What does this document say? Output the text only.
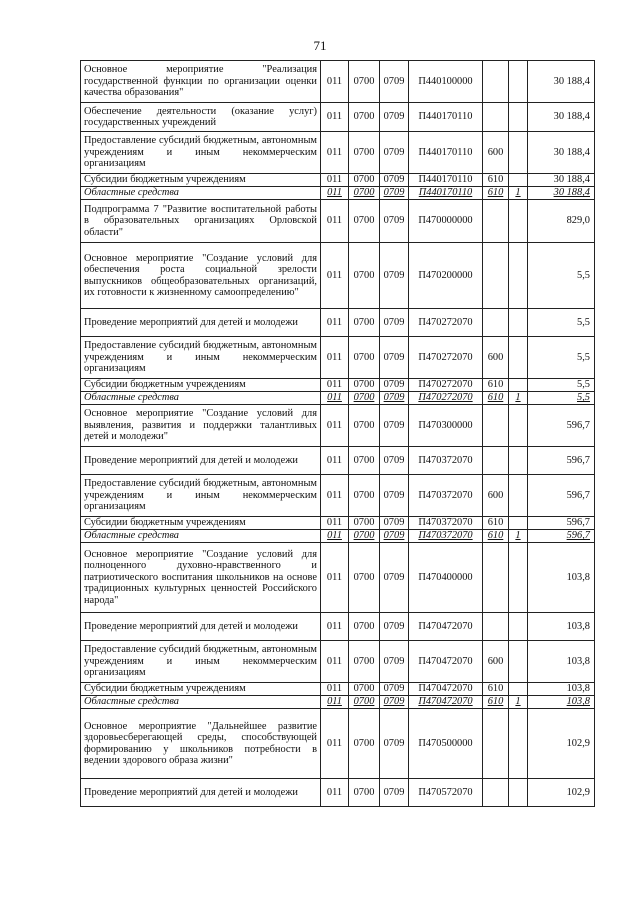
71
Основное мероприятие "Реализация государственной функции по организации оценки качества образования"	011	0700	0709	П440100000			30 188,4
Обеспечение деятельности (оказание услуг) государственных учреждений	011	0700	0709	П440170110			30 188,4
Предоставление субсидий бюджетным, автономным учреждениям и иным некоммерческим организациям	011	0700	0709	П440170110	600		30 188,4
Субсидии бюджетным учреждениям	011	0700	0709	П440170110	610		30 188,4
Областные средства	011	0700	0709	П440170110	610	1	30 188,4
Подпрограмма 7 "Развитие воспитательной работы в образовательных организациях Орловской области"	011	0700	0709	П470000000			829,0
Основное мероприятие "Создание условий для обеспечения роста социальной зрелости выпускников общеобразовательных организаций, их готовности к жизненному самоопределению"	011	0700	0709	П470200000			5,5
Проведение мероприятий для детей и молодежи	011	0700	0709	П470272070			5,5
Предоставление субсидий бюджетным, автономным учреждениям и иным некоммерческим организациям	011	0700	0709	П470272070	600		5,5
Субсидии бюджетным учреждениям	011	0700	0709	П470272070	610		5,5
Областные средства	011	0700	0709	П470272070	610	1	5,5
Основное мероприятие "Создание условий для выявления, развития и поддержки талантливых детей и молодежи"	011	0700	0709	П470300000			596,7
Проведение мероприятий для детей и молодежи	011	0700	0709	П470372070			596,7
Предоставление субсидий бюджетным, автономным учреждениям и иным некоммерческим организациям	011	0700	0709	П470372070	600		596,7
Субсидии бюджетным учреждениям	011	0700	0709	П470372070	610		596,7
Областные средства	011	0700	0709	П470372070	610	1	596,7
Основное мероприятие "Создание условий для полноценного духовно-нравственного и патриотического воспитания школьников на основе традиционных культурных ценностей Российского народа"	011	0700	0709	П470400000			103,8
Проведение мероприятий для детей и молодежи	011	0700	0709	П470472070			103,8
Предоставление субсидий бюджетным, автономным учреждениям и иным некоммерческим организациям	011	0700	0709	П470472070	600		103,8
Субсидии бюджетным учреждениям	011	0700	0709	П470472070	610		103,8
Областные средства	011	0700	0709	П470472070	610	1	103,8
Основное мероприятие "Дальнейшее развитие здоровьесберегающей среды, способствующей формированию у школьников потребности в ведении здорового образа жизни"	011	0700	0709	П470500000			102,9
Проведение мероприятий для детей и молодежи	011	0700	0709	П470572070			102,9
